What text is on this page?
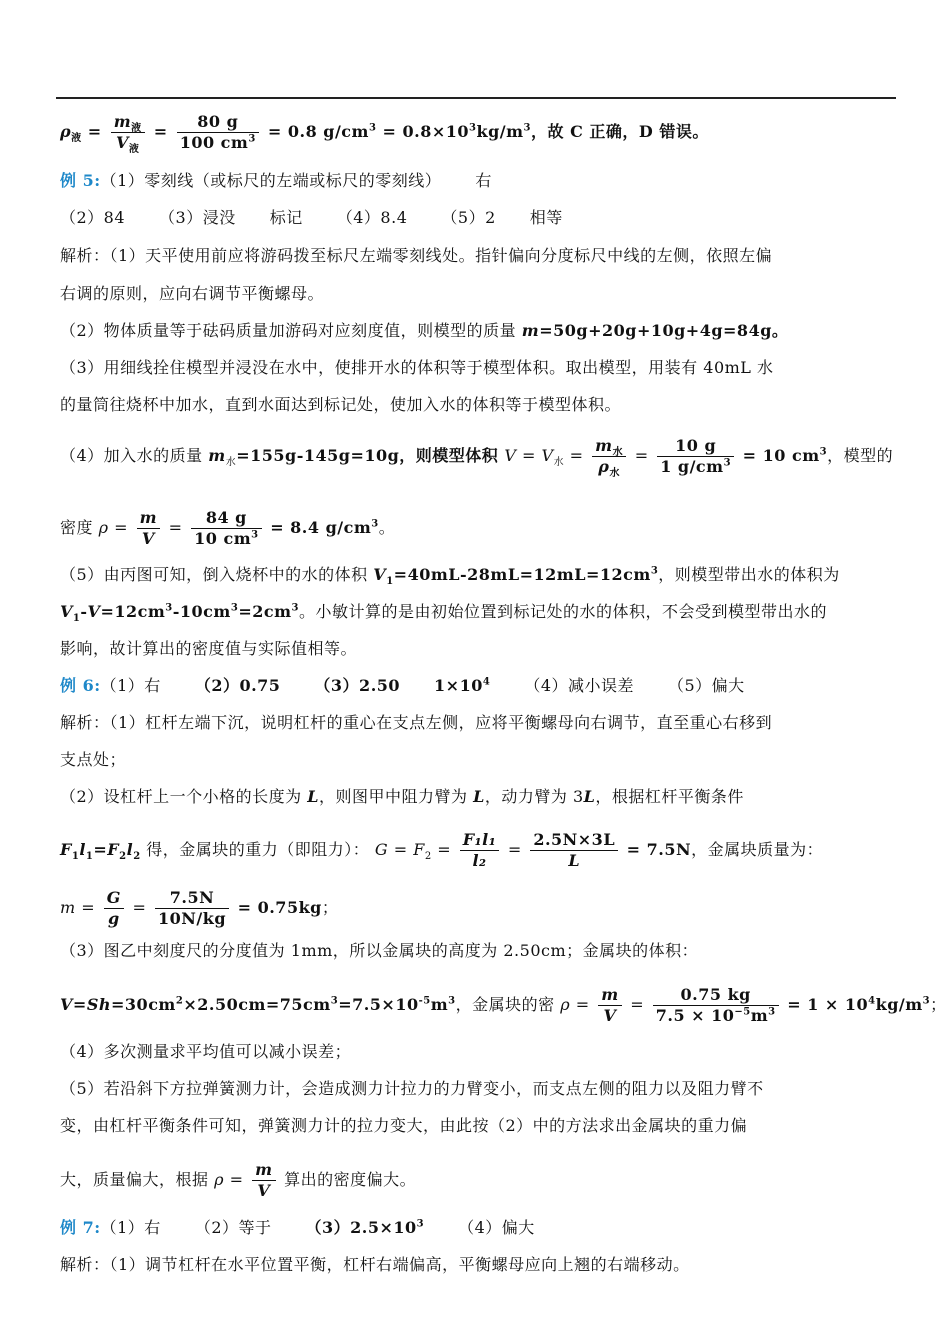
$\rho_液 = \frac{m_液}{V_液} = \frac{80 g}{100 cm^3} = 0.8$ $g/cm^3 = 0.8\times 10^3kg/m^3$，故 C 正确，D 错误。
例 5:（1）零刻线（或标尺的左端或标尺的零刻线） 右
（2）84 （3）浸没 标记 （4）8.4 （5）2 相等
解析：（1）天平使用前应将游码拨至标尺左端零刻线处。指针偏向分度标尺中线的左侧，依照左偏
右调的原则，应向右调节平衡螺母。
（2）物体质量等于砝码质量加游码对应刻度值，则模型的质量 m=50g+20g+10g+4g=84g。
（3）用细线拴住模型并浸没在水中，使排开水的体积等于模型体积。取出模型，用装有 40mL 水
的量筒往烧杯中加水，直到水面达到标记处，使加入水的体积等于模型体积。
（4）加入水的质量 $m_水=155g-145g=10g$，则模型体积 $V = V_水 = \frac{m_水}{\rho_水} = \frac{10 g}{1 g/cm^3} = 10$ $cm^3$，模型的
密度 $\rho = \frac{m}{V} = \frac{84 g}{10 cm^3} = 8.4$ $g/cm^3$。
（5）由丙图可知，倒入烧杯中的水的体积 $V_1=40mL-28mL=12mL=12cm^3$，则模型带出水的体积为
$V_1-V=12cm^3-10cm^3=2cm^3$。小敏计算的是由初始位置到标记处的水的体积，不会受到模型带出水的
影响，故计算出的密度值与实际值相等。
例 6:（1）右 （2）0.75 （3）2.50 $1\times 10^4$ （4）减小误差 （5）偏大
解析：（1）杠杆左端下沉，说明杠杆的重心在支点左侧，应将平衡螺母向右调节，直至重心右移到
支点处；
（2）设杠杆上一个小格的长度为 L，则图甲中阻力臂为 L，动力臂为 3L，根据杠杆平衡条件
$F_1l_1=F_2l_2$ 得，金属块的重力（即阻力）： $G = F_2 = \frac{\text{F₁l₁}}{\text{l₂}} = \frac{2.5N\times 3L}{L} = 7.5N$，金属块质量为：
$m = \frac{G}{g} = \frac{7.5N}{10N/kg} = 0.75kg$；
（3）图乙中刻度尺的分度值为 1mm，所以金属块的高度为 2.50cm；金属块的体积：
$V=Sh=30cm^2\times 2.50cm=75cm^3=7.5\times 10^{-5}m^3$，金属块的密 $\rho = \frac{m}{V} = \frac{0.75 kg}{7.5 \times 10^{-5}m^3} = 1 \times 10^4kg/m^3$；
（4）多次测量求平均值可以减小误差；
（5）若沿斜下方拉弹簧测力计，会造成测力计拉力的力臂变小，而支点左侧的阻力以及阻力臂不
变，由杠杆平衡条件可知，弹簧测力计的拉力变大，由此按（2）中的方法求出金属块的重力偏
大，质量偏大，根据 $\rho = \frac{m}{V}$ 算出的密度偏大。
例 7:（1）右 （2）等于 $(3)2.5\times 10^3$ （4）偏大
解析：（1）调节杠杆在水平位置平衡，杠杆右端偏高，平衡螺母应向上翘的右端移动。
